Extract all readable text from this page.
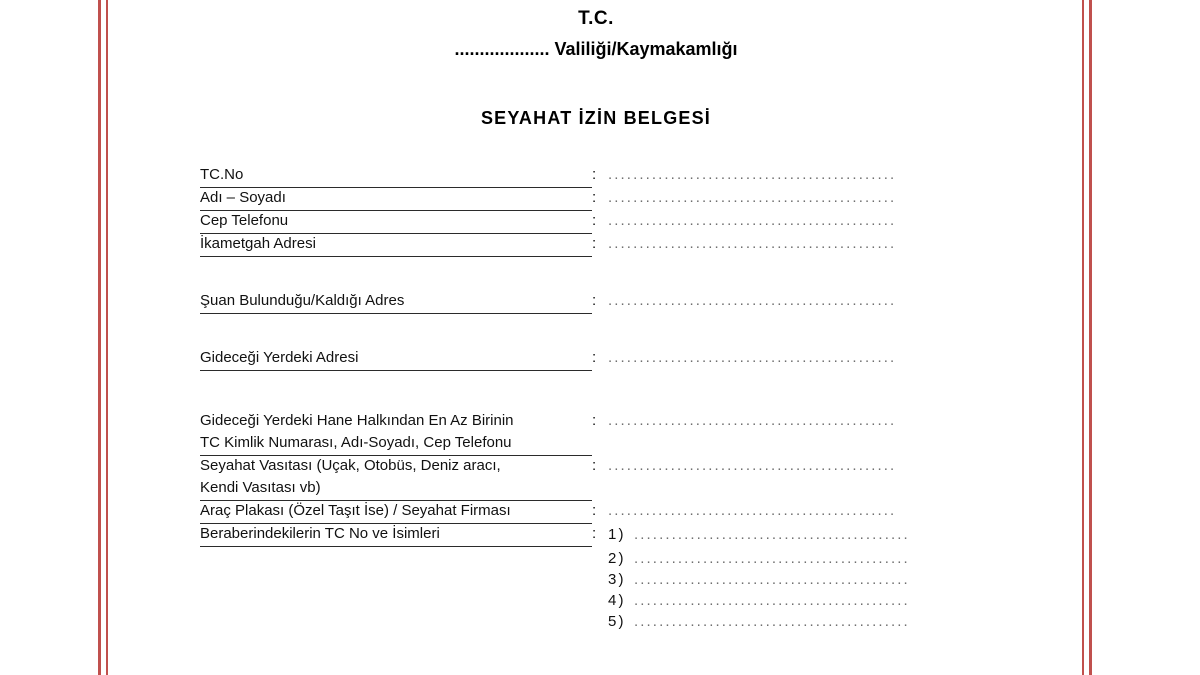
T.C.
................... Valiliği/Kaymakamlığı
SEYAHAT İZİN BELGESİ
TC.No	: ..............................................
Adı – Soyadı	: ..............................................
Cep Telefonu	: ..............................................
İkametgah Adresi	: ..............................................
Şuan Bulunduğu/Kaldığı Adres	: ..............................................
Gideceği Yerdeki Adresi	: ..............................................
Gideceği Yerdeki Hane Halkından En Az Birinin
TC Kimlik Numarası, Adı-Soyadı, Cep Telefonu
: ..............................................
Seyahat Vasıtası (Uçak, Otobüs, Deniz aracı,
Kendi Vasıtası vb)
: ..............................................
Araç Plakası (Özel Taşıt İse) / Seyahat Firması	: ..............................................
Beraberindekilerin TC No ve İsimleri	: 1) ............................................
2) ............................................
3) ............................................
4) ............................................
5) ............................................
